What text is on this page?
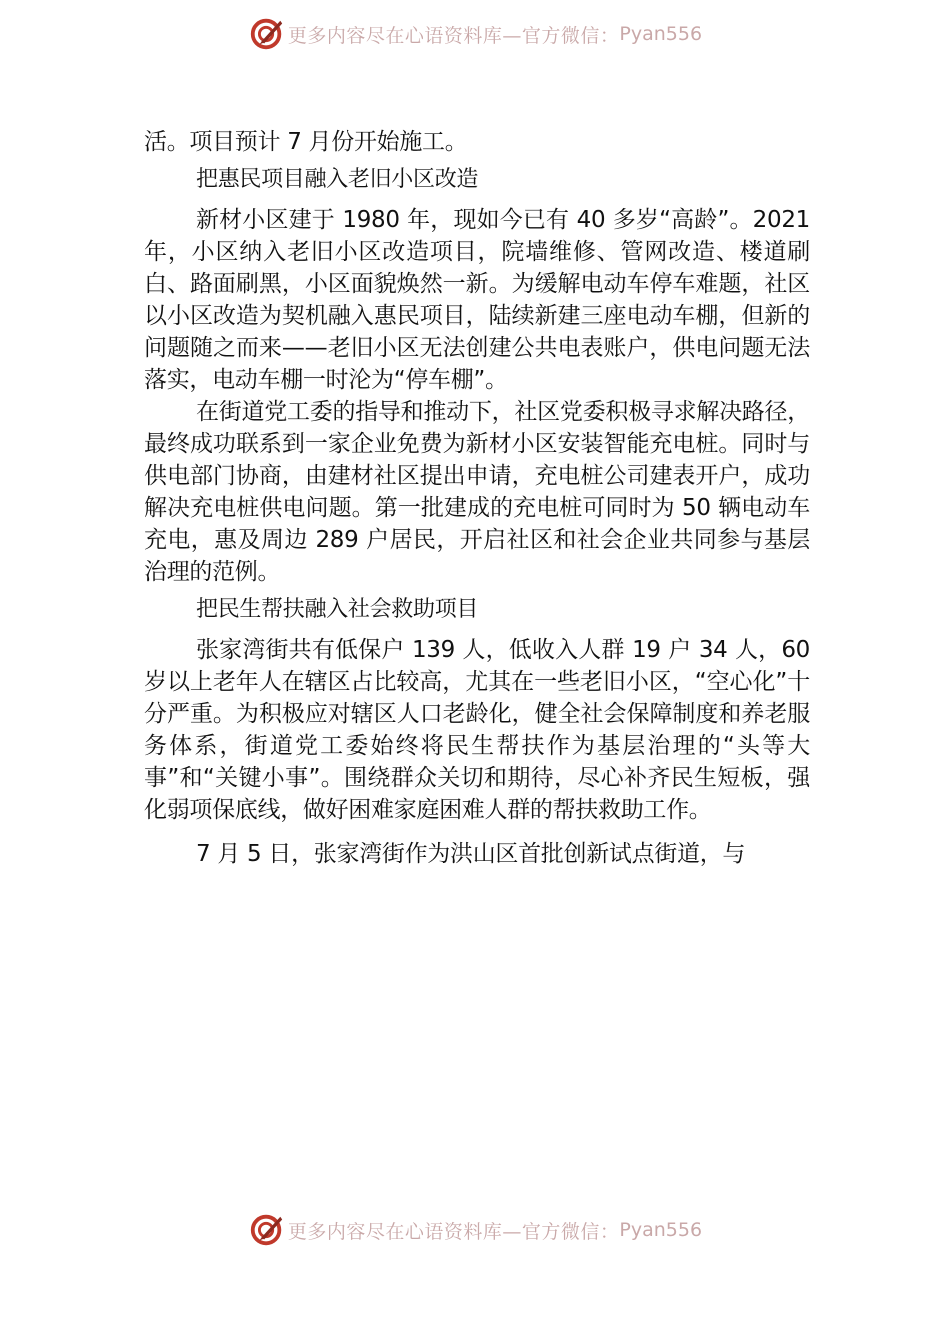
更多内容尽在心语资料库—官方微信： Pyan556

活。项目预计 7 月份开始施工。

把惠民项目融入老旧小区改造

新材小区建于 1980 年，现如今已有 40 多岁“高龄”。2021 年，小区纳入老旧小区改造项目，院墙维修、管网改造、楼道刷白、路面刷黑，小区面貌焕然一新。为缓解电动车停车难题，社区以小区改造为契机融入惠民项目，陆续新建三座电动车棚，但新的问题随之而来——老旧小区无法创建公共电表账户，供电问题无法落实，电动车棚一时沦为“停车棚”。

在街道党工委的指导和推动下，社区党委积极寻求解决路径，最终成功联系到一家企业免费为新材小区安装智能充电桩。同时与供电部门协商，由建材社区提出申请，充电桩公司建表开户，成功解决充电桩供电问题。第一批建成的充电桩可同时为 50 辆电动车充电，惠及周边 289 户居民，开启社区和社会企业共同参与基层治理的范例。

把民生帮扶融入社会救助项目

张家湾街共有低保户 139 人，低收入人群 19 户 34 人，60 岁以上老年人在辖区占比较高，尤其在一些老旧小区，“空心化”十分严重。为积极应对辖区人口老龄化，健全社会保障制度和养老服务体系，街道党工委始终将民生帮扶作为基层治理的“头等大事”和“关键小事”。围绕群众关切和期待，尽心补齐民生短板，强化弱项保底线，做好困难家庭困难人群的帮扶救助工作。

7 月 5 日，张家湾街作为洪山区首批创新试点街道，与

更多内容尽在心语资料库—官方微信： Pyan556
